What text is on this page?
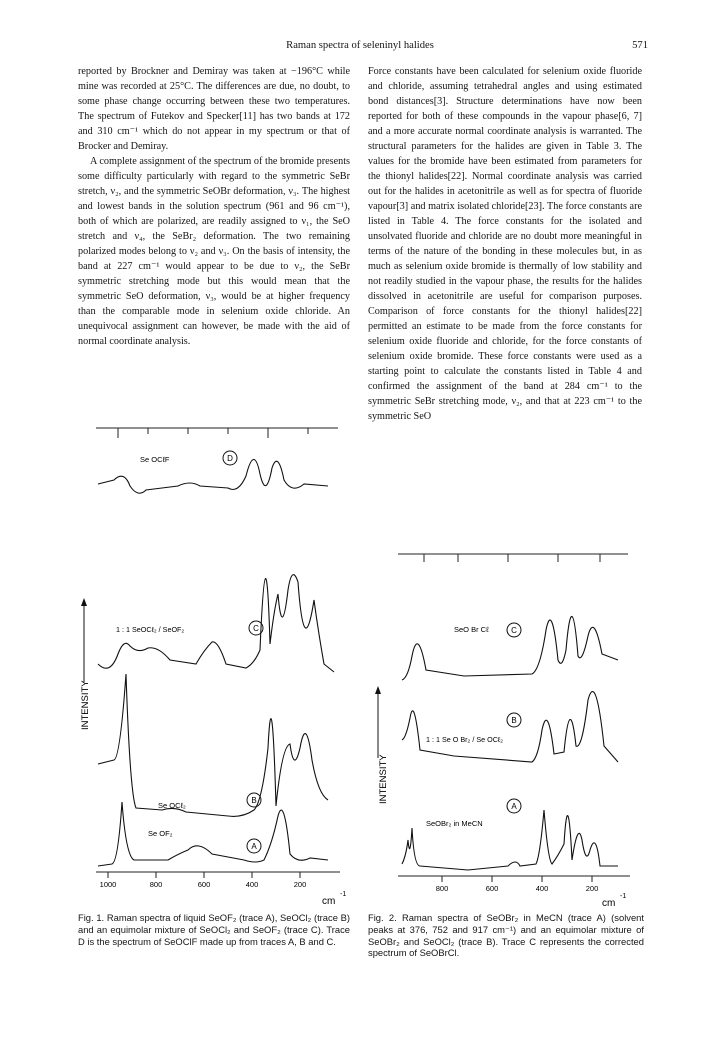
Raman spectra of seleninyl halides	571

reported by Brockner and Demiray was taken at −196°C while mine was recorded at 25°C. The differences are due, no doubt, to some phase change occurring between these two temperatures. The spectrum of Futekov and Specker[11] has two bands at 172 and 310 cm⁻¹ which do not appear in my spectrum or that of Brocker and Demiray.

A complete assignment of the spectrum of the bromide presents some difficulty particularly with regard to the symmetric SeBr stretch, ν₂, and the symmetric SeOBr deformation, ν₃. The highest and lowest bands in the solution spectrum (961 and 96 cm⁻¹), both of which are polarized, are readily assigned to ν₁, the SeO stretch and ν₄, the SeBr₂ deformation. The two remaining polarized modes belong to ν₂ and ν₃. On the basis of intensity, the band at 227 cm⁻¹ would appear to be due to ν₂, the SeBr symmetric stretching mode but this would mean that the symmetric SeO deformation, ν₃, would be at higher frequency than the comparable mode in selenium oxide chloride. An unequivocal assignment can however, be made with the aid of normal coordinate analysis.

Force constants have been calculated for selenium oxide fluoride and chloride, assuming tetrahedral angles and using estimated bond distances[3]. Structure determinations have now been reported for both of these compounds in the vapour phase[6, 7] and a more accurate normal coordinate analysis is warranted. The structural parameters for the halides are given in Table 3. The values for the bromide have been estimated from parameters for the thionyl halides[22]. Normal coordinate analysis was carried out for the halides in acetonitrile as well as for spectra of fluoride vapour[3] and matrix isolated chloride[23]. The force constants are listed in Table 4. The force constants for the isolated and unsolvated fluoride and chloride are no doubt more meaningful in terms of the nature of the bonding in these molecules but, in as much as selenium oxide bromide is thermally of low stability and not readily studied in the vapour phase, the results for the halides dissolved in acetonitrile are useful for comparison purposes. Comparison of force constants for the thionyl halides[22] permitted an estimate to be made from the force constants for selenium oxide fluoride and chloride, for the force constants of selenium oxide bromide. These force constants were used as a starting point to calculate the constants listed in Table 4 and confirmed the assignment of the band at 284 cm⁻¹ to the symmetric SeBr stretching mode, ν₂, and that at 223 cm⁻¹ to the symmetric SeO

Se OCℓF	D
1 : 1 SeOCℓ₂ / SeOF₂	C
Se OCℓ₂
B
Se OF₂
A
INTENSITY
1000	800	600	400	200
cm
-1
SeO Br Cℓ	C
1 : 1 Se O Br₂ / Se OCℓ₂
B
SeOBr₂ in MeCN
A
INTENSITY
800	600	400	200
cm
-1
Fig. 1. Raman spectra of liquid SeOF₂ (trace A), SeOCl₂ (trace B) and an equimolar mixture of SeOCl₂ and SeOF₂ (trace C). Trace D is the spectrum of SeOClF made up from traces A, B and C.
Fig. 2. Raman spectra of SeOBr₂ in MeCN (trace A) (solvent peaks at 376, 752 and 917 cm⁻¹) and an equimolar mixture of SeOBr₂ and SeOCl₂ (trace B). Trace C represents the corrected spectrum of SeOBrCl.
